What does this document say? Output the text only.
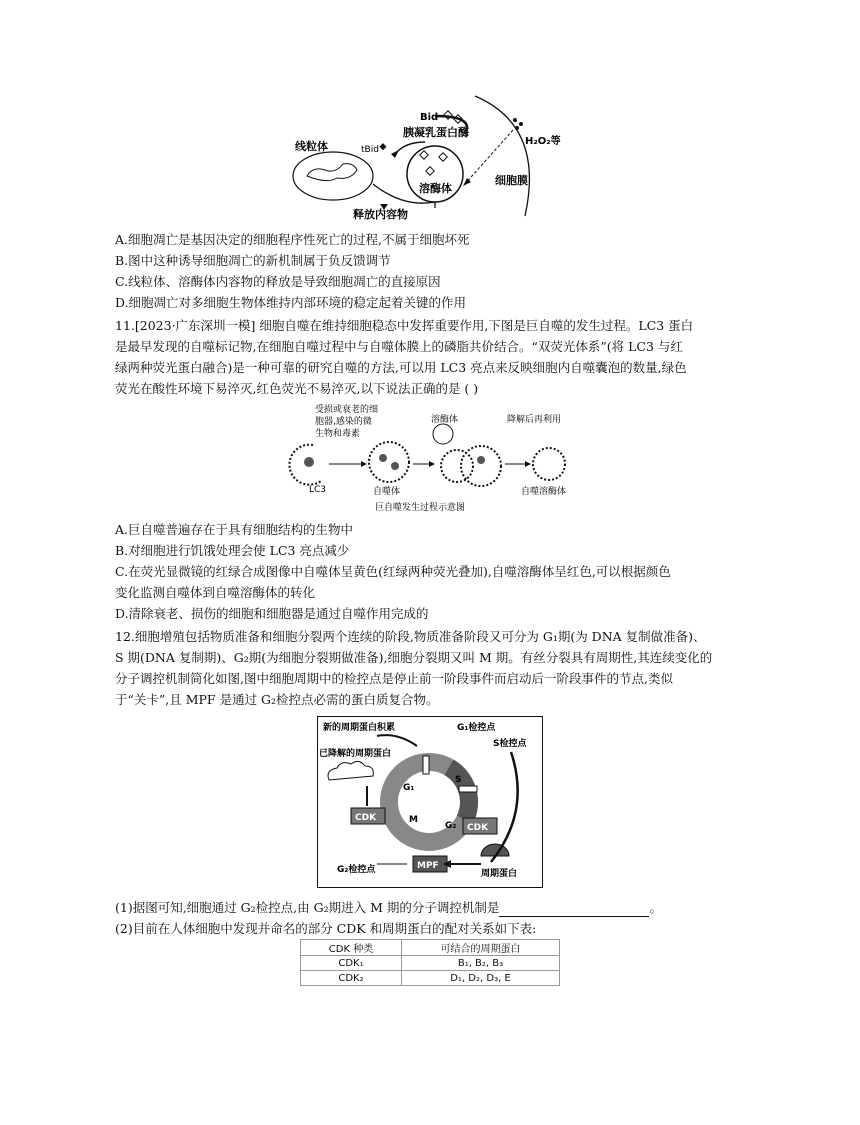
线粒体
溶酶体
Bid
胰凝乳蛋白酶
tBid
H₂O₂等
细胞膜
释放内容物
A.细胞凋亡是基因决定的细胞程序性死亡的过程,不属于细胞坏死
B.图中这种诱导细胞凋亡的新机制属于负反馈调节
C.线粒体、溶酶体内容物的释放是导致细胞凋亡的直接原因
D.细胞凋亡对多细胞生物体维持内部环境的稳定起着关键的作用
11.[2023·广东深圳一模] 细胞自噬在维持细胞稳态中发挥重要作用,下图是巨自噬的发生过程。LC3 蛋白
是最早发现的自噬标记物,在细胞自噬过程中与自噬体膜上的磷脂共价结合。“双荧光体系”(将 LC3 与红
绿两种荧光蛋白融合)是一种可靠的研究自噬的方法,可以用 LC3 亮点来反映细胞内自噬囊泡的数量,绿色
荧光在酸性环境下易淬灭,红色荧光不易淬灭,以下说法正确的是 ( )
受损或衰老的细
胞器,感染的微
生物和毒素
LC3	自噬体
溶酶体	降解后再利用
自噬溶酶体
巨自噬发生过程示意图
A.巨自噬普遍存在于具有细胞结构的生物中
B.对细胞进行饥饿处理会使 LC3 亮点减少
C.在荧光显微镜的红绿合成图像中自噬体呈黄色(红绿两种荧光叠加),自噬溶酶体呈红色,可以根据颜色
变化监测自噬体到自噬溶酶体的转化
D.清除衰老、损伤的细胞和细胞器是通过自噬作用完成的
12.细胞增殖包括物质准备和细胞分裂两个连续的阶段,物质准备阶段又可分为 G₁期(为 DNA 复制做准备)、
S 期(DNA 复制期)、G₂期(为细胞分裂期做准备),细胞分裂期又叫 M 期。有丝分裂具有周期性,其连续变化的
分子调控机制简化如图,图中细胞周期中的检控点是停止前一阶段事件而启动后一阶段事件的节点,类似
于“关卡”,且 MPF 是通过 G₂检控点必需的蛋白质复合物。
新的周期蛋白积累	G₁检控点
S检控点
已降解的周期蛋白
G₁
S
G₂
M
CDK
CDK
MPF
G₂检控点	周期蛋白
(1)据图可知,细胞通过 G₂检控点,由 G₂期进入 M 期的分子调控机制是	。
(2)目前在人体细胞中发现并命名的部分 CDK 和周期蛋白的配对关系如下表:
CDK 种类	可结合的周期蛋白
CDK₁	B₁, B₂, B₃
CDK₂	D₁, D₂, D₃, E
